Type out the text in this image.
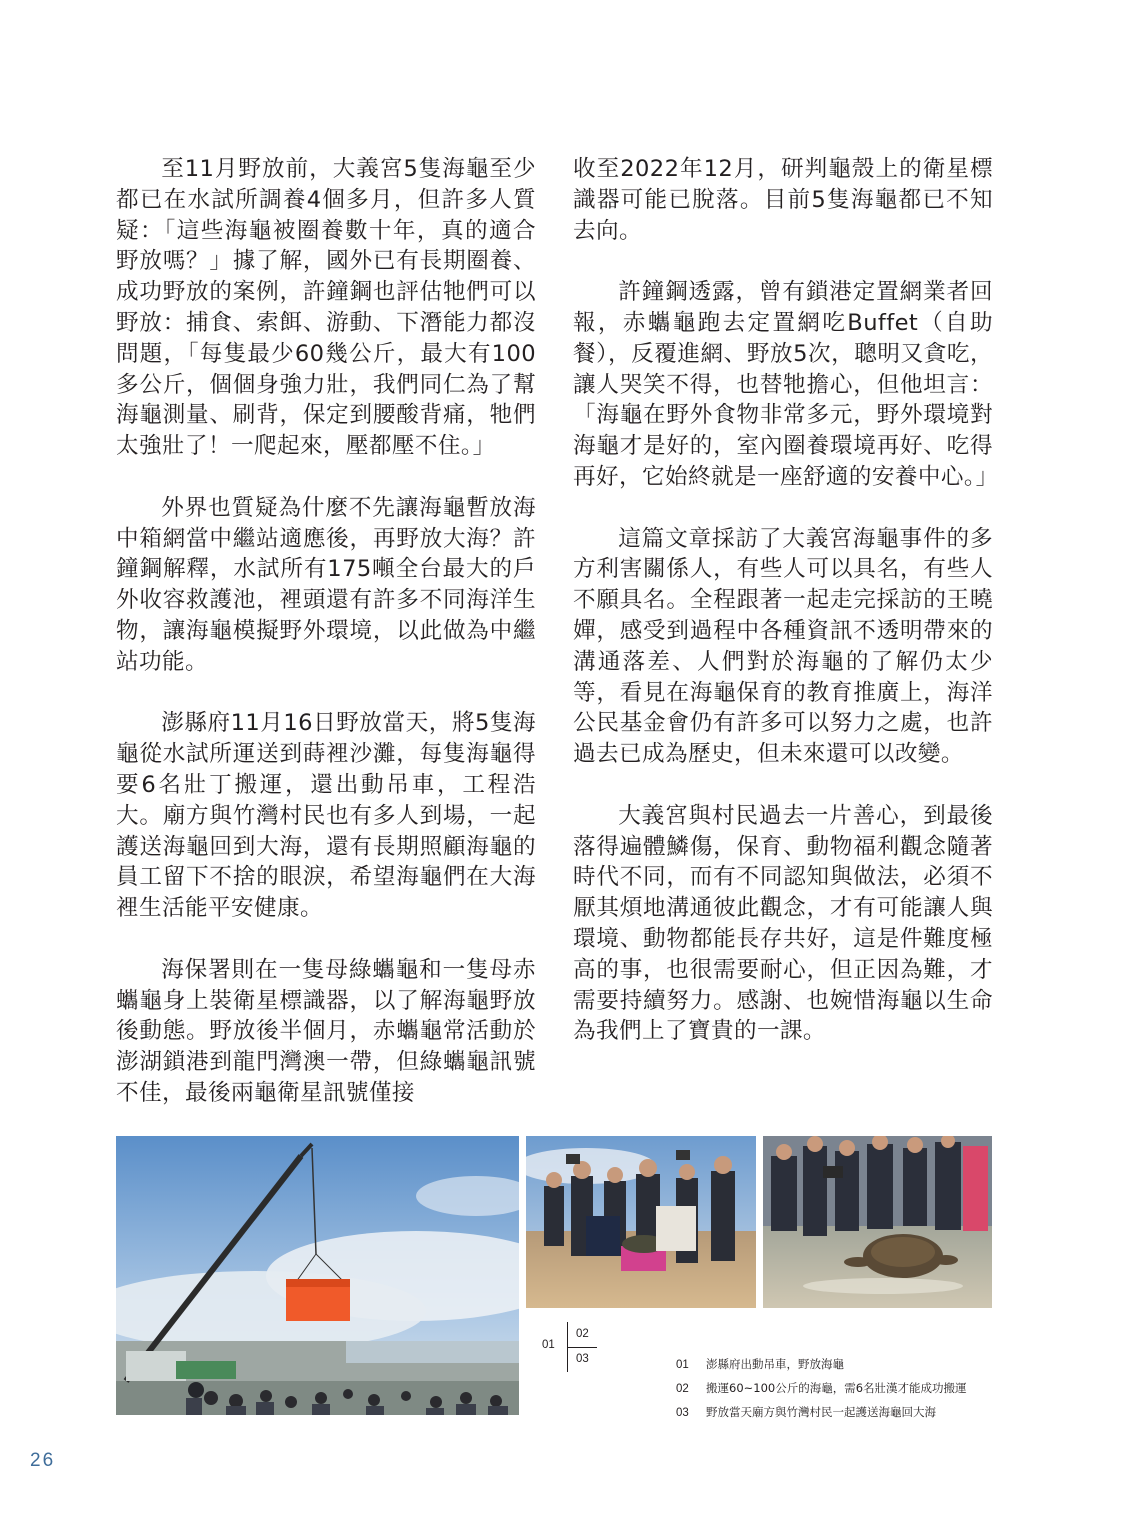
至11月野放前，大義宮5隻海龜至少都已在水試所調養4個多月，但許多人質疑：「這些海龜被圈養數十年，真的適合野放嗎？」據了解，國外已有長期圈養、成功野放的案例，許鐘鋼也評估牠們可以野放：捕食、索餌、游動、下潛能力都沒問題，「每隻最少60幾公斤，最大有100多公斤，個個身強力壯，我們同仁為了幫海龜測量、刷背，保定到腰酸背痛，牠們太強壯了！一爬起來，壓都壓不住。」

外界也質疑為什麼不先讓海龜暫放海中箱網當中繼站適應後，再野放大海？許鐘鋼解釋，水試所有175噸全台最大的戶外收容救護池，裡頭還有許多不同海洋生物，讓海龜模擬野外環境，以此做為中繼站功能。

澎縣府11月16日野放當天，將5隻海龜從水試所運送到蒔裡沙灘，每隻海龜得要6名壯丁搬運，還出動吊車，工程浩大。廟方與竹灣村民也有多人到場，一起護送海龜回到大海，還有長期照顧海龜的員工留下不捨的眼淚，希望海龜們在大海裡生活能平安健康。

海保署則在一隻母綠蠵龜和一隻母赤蠵龜身上裝衛星標識器，以了解海龜野放後動態。野放後半個月，赤蠵龜常活動於澎湖鎖港到龍門灣澳一帶，但綠蠵龜訊號不佳，最後兩龜衛星訊號僅接

收至2022年12月，研判龜殼上的衛星標識器可能已脫落。目前5隻海龜都已不知去向。

許鐘鋼透露，曾有鎖港定置網業者回報，赤蠵龜跑去定置網吃Buffet（自助餐），反覆進網、野放5次，聰明又貪吃，讓人哭笑不得，也替牠擔心，但他坦言：「海龜在野外食物非常多元，野外環境對海龜才是好的，室內圈養環境再好、吃得再好，它始終就是一座舒適的安養中心。」

這篇文章採訪了大義宮海龜事件的多方利害關係人，有些人可以具名，有些人不願具名。全程跟著一起走完採訪的王曉嬋，感受到過程中各種資訊不透明帶來的溝通落差、人們對於海龜的了解仍太少等，看見在海龜保育的教育推廣上，海洋公民基金會仍有許多可以努力之處，也許過去已成為歷史，但未來還可以改變。

大義宮與村民過去一片善心，到最後落得遍體鱗傷，保育、動物福利觀念隨著時代不同，而有不同認知與做法，必須不厭其煩地溝通彼此觀念，才有可能讓人與環境、動物都能長存共好，這是件難度極高的事，也很需要耐心，但正因為難，才需要持續努力。感謝、也婉惜海龜以生命為我們上了寶貴的一課。

01
02
03	01 澎縣府出動吊車，野放海龜
02 搬運60~100公斤的海龜，需6名壯漢才能成功搬運
03 野放當天廟方與竹灣村民一起護送海龜回大海
26
